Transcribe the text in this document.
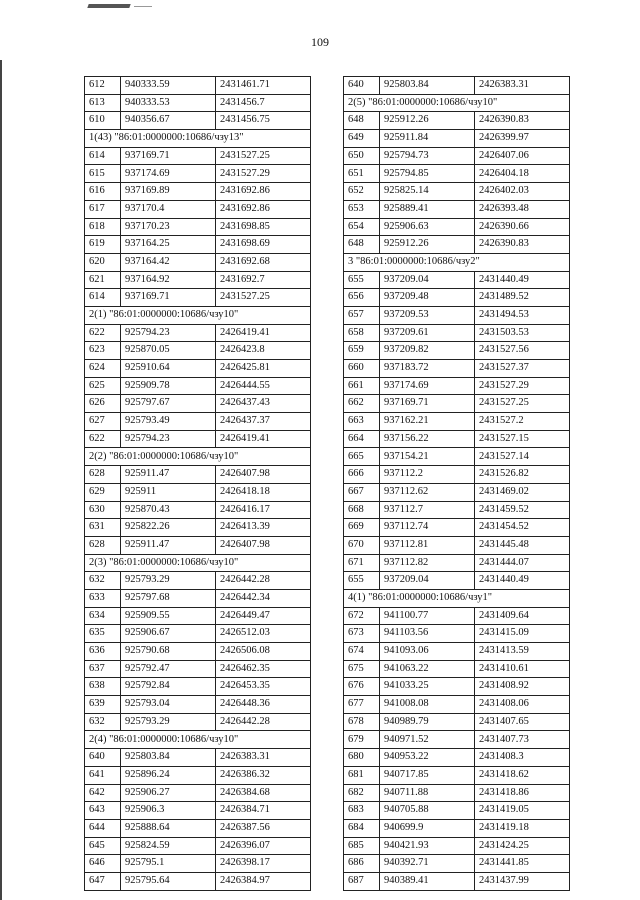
109
612	940333.59	2431461.71
613	940333.53	2431456.7
610	940356.67	2431456.75
1(43) "86:01:0000000:10686/чзу13"		
614	937169.71	2431527.25
615	937174.69	2431527.29
616	937169.89	2431692.86
617	937170.4	2431692.86
618	937170.23	2431698.85
619	937164.25	2431698.69
620	937164.42	2431692.68
621	937164.92	2431692.7
614	937169.71	2431527.25
2(1) "86:01:0000000:10686/чзу10"		
622	925794.23	2426419.41
623	925870.05	2426423.8
624	925910.64	2426425.81
625	925909.78	2426444.55
626	925797.67	2426437.43
627	925793.49	2426437.37
622	925794.23	2426419.41
2(2) "86:01:0000000:10686/чзу10"		
628	925911.47	2426407.98
629	925911	2426418.18
630	925870.43	2426416.17
631	925822.26	2426413.39
628	925911.47	2426407.98
2(3) "86:01:0000000:10686/чзу10"		
632	925793.29	2426442.28
633	925797.68	2426442.34
634	925909.55	2426449.47
635	925906.67	2426512.03
636	925790.68	2426506.08
637	925792.47	2426462.35
638	925792.84	2426453.35
639	925793.04	2426448.36
632	925793.29	2426442.28
2(4) "86:01:0000000:10686/чзу10"		
640	925803.84	2426383.31
641	925896.24	2426386.32
642	925906.27	2426384.68
643	925906.3	2426384.71
644	925888.64	2426387.56
645	925824.59	2426396.07
646	925795.1	2426398.17
647	925795.64	2426384.97
640	925803.84	2426383.31
2(5) "86:01:0000000:10686/чзу10"		
648	925912.26	2426390.83
649	925911.84	2426399.97
650	925794.73	2426407.06
651	925794.85	2426404.18
652	925825.14	2426402.03
653	925889.41	2426393.48
654	925906.63	2426390.66
648	925912.26	2426390.83
3 "86:01:0000000:10686/чзу2"		
655	937209.04	2431440.49
656	937209.48	2431489.52
657	937209.53	2431494.53
658	937209.61	2431503.53
659	937209.82	2431527.56
660	937183.72	2431527.37
661	937174.69	2431527.29
662	937169.71	2431527.25
663	937162.21	2431527.2
664	937156.22	2431527.15
665	937154.21	2431527.14
666	937112.2	2431526.82
667	937112.62	2431469.02
668	937112.7	2431459.52
669	937112.74	2431454.52
670	937112.81	2431445.48
671	937112.82	2431444.07
655	937209.04	2431440.49
4(1) "86:01:0000000:10686/чзу1"		
672	941100.77	2431409.64
673	941103.56	2431415.09
674	941093.06	2431413.59
675	941063.22	2431410.61
676	941033.25	2431408.92
677	941008.08	2431408.06
678	940989.79	2431407.65
679	940971.52	2431407.73
680	940953.22	2431408.3
681	940717.85	2431418.62
682	940711.88	2431418.86
683	940705.88	2431419.05
684	940699.9	2431419.18
685	940421.93	2431424.25
686	940392.71	2431441.85
687	940389.41	2431437.99
